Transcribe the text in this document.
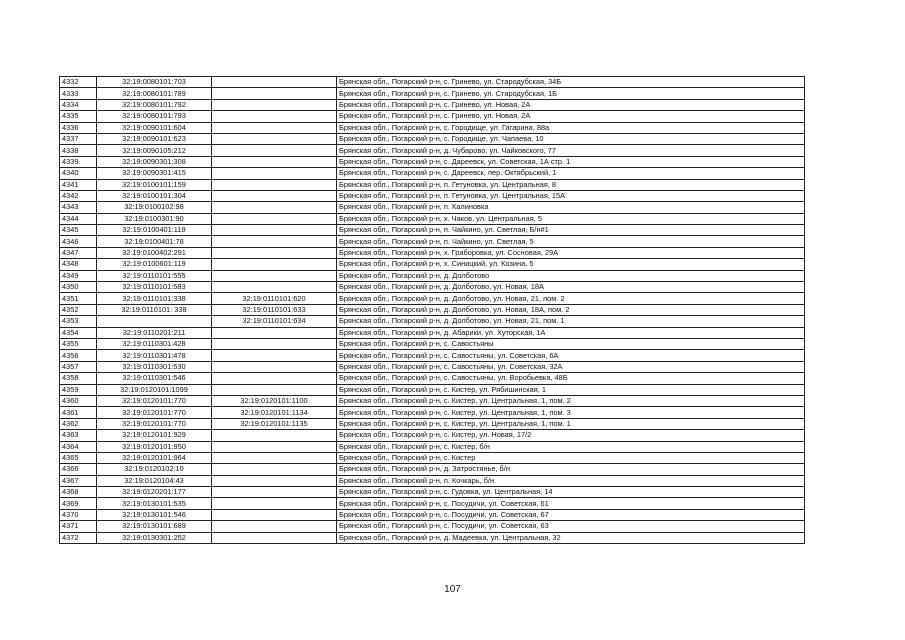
4332	32:19:0080101:703		Брянская обл., Погарский р-н, с. Гринево, ул. Стародубская, 34Б
4333	32:19:0080101:789		Брянская обл., Погарский р-н, с. Гринево, ул. Стародубская, 1Б
4334	32:19:0080101:792		Брянская обл., Погарский р-н, с. Гринево, ул. Новая, 2А
4335	32:19:0080101:793		Брянская обл., Погарский р-н, с. Гринево, ул. Новая, 2А
4336	32:19:0090101:604		Брянская обл., Погарский р-н, с. Городище, ул. Гагарина, 88а
4337	32:19:0090101:623		Брянская обл., Погарский р-н, с. Городище, ул. Чапаева, 10
4338	32:19:0090105:212		Брянская обл., Погарский р-н, д. Чубарово, ул. Чайковского, 77
4339	32:19:0090301:308		Брянская обл., Погарский р-н, с. Дареевск, ул. Советская, 1А стр. 1
4340	32:19:0090301:415		Брянская обл., Погарский р-н, с. Дареевск, пер. Октябрьский, 1
4341	32:19:0100101:159		Брянская обл., Погарский р-н, п. Гетуновка, ул. Центральная, 8
4342	32:19:0100101:304		Брянская обл., Погарский р-н, п. Гетуновка, ул. Центральная, 15А
4343	32:19:0100102:98		Брянская обл., Погарский р-н, п. Калиновка
4344	32:19:0100301:90		Брянская обл., Погарский р-н, х. Чаков, ул. Центральная, 5
4345	32:19:0100401:119		Брянская обл., Погарский р-н, п. Чайкино, ул. Светлая, Б/н#1
4346	32:19:0100401:78		Брянская обл., Погарский р-н, п. Чайкино, ул. Светлая, 5
4347	32:19:0100402:291		Брянская обл., Погарский р-н, х. Граборовка, ул. Сосновая, 29А
4348	32:19:0100601:119		Брянская обл., Погарский р-н, х. Синицкий, ул. Козина, 5
4349	32:19:0110101:555		Брянская обл., Погарский р-н, д. Долботово
4350	32:19:0110101:583		Брянская обл., Погарский р-н, д. Долботово, ул. Новая, 18А
4351	32:19:0110101:338	32:19:0110101:620	Брянская обл., Погарский р-н, д. Долботово, ул. Новая, 21, пом. 2
4352	32:19:0110101: 338	32:19:0110101:633	Брянская обл., Погарский р-н, д. Долботово, ул. Новая, 18А, пом. 2
4353		32:19:0110101:634	Брянская обл., Погарский р-н, д. Долботово, ул. Новая, 21, пом. 1
4354	32:19:0110201:211		Брянская обл., Погарский р-н, д. Абарики, ул. Хуторская, 1А
4355	32:19:0110301:428		Брянская обл., Погарский р-н, с. Савостьяны
4356	32:19:0110301:478		Брянская обл., Погарский р-н, с. Савостьяны, ул. Советская, 6А
4357	32:19:0110301:530		Брянская обл., Погарский р-н, с. Савостьяны, ул. Советская, 32А
4358	32:19:0110301:546		Брянская обл., Погарский р-н, с. Савостьяны, ул. Воробьевка, 48Б
4359	32:19:0120101:1099		Брянская обл., Погарский р-н, с. Кистер, ул. Рябишинская, 1
4360	32:19:0120101:770	32:19:0120101:1100	Брянская обл., Погарский р-н, с. Кистер, ул. Центральная, 1, пом. 2
4361	32:19:0120101:770	32:19:0120101:1134	Брянская обл., Погарский р-н, с. Кистер, ул. Центральная, 1, пом. 3
4362	32:19:0120101:770	32:19:0120101:1135	Брянская обл., Погарский р-н, с. Кистер, ул. Центральная, 1, пом. 1
4363	32:19:0120101:929		Брянская обл., Погарский р-н, с. Кистер, ул. Новая, 17/2
4364	32:19:0120101:950		Брянская обл., Погарский р-н, с. Кистер, б/н
4365	32:19:0120101:964		Брянская обл., Погарский р-н, с. Кистер
4366	32:19:0120102:10		Брянская обл., Погарский р-н, д. Затростянье, б/н
4367	32:19:0120104:43		Брянская обл., Погарский р-н, п. Кочкарь, б/н
4368	32:19:0120201:177		Брянская обл., Погарский р-н, с. Гудовка, ул. Центральная, 14
4369	32:19:0130101:535		Брянская обл., Погарский р-н, с. Посудичи, ул. Советская, 61
4370	32:19:0130101:546		Брянская обл., Погарский р-н, с. Посудичи, ул. Советская, 67
4371	32:19:0130101:689		Брянская обл., Погарский р-н, с. Посудичи, ул. Советская, 63
4372	32:19:0130301:252		Брянская обл., Погарский р-н, д. Мадеевка, ул. Центральная, 32
107
